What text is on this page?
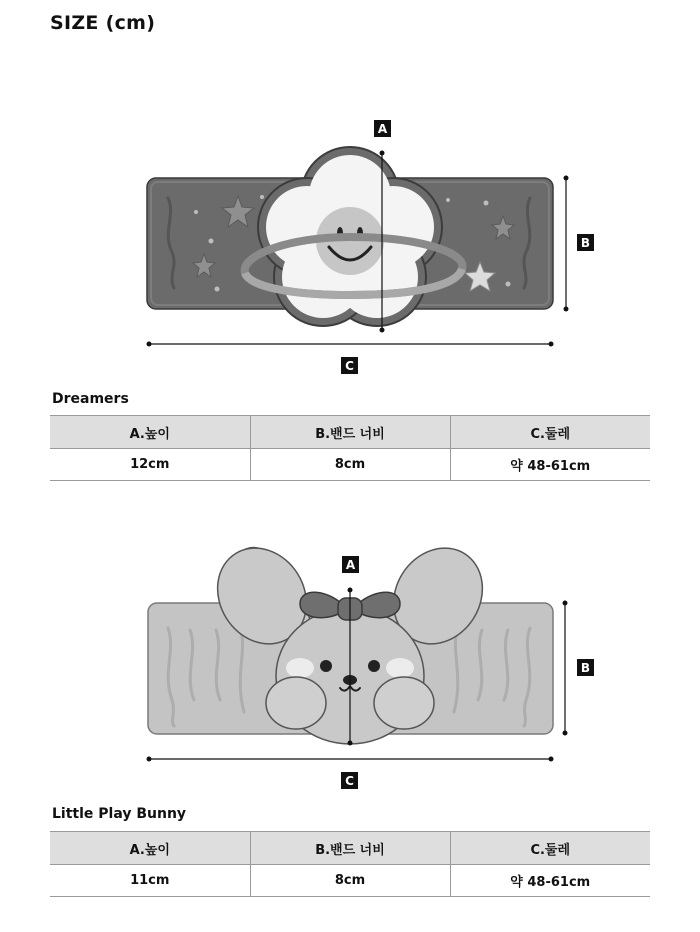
SIZE (cm)
A
B
C
Dreamers
A.높이	B.밴드 너비	C.둘레
12cm	8cm	약 48-61cm
A
B
C
Little Play Bunny
A.높이	B.밴드 너비	C.둘레
11cm	8cm	약 48-61cm
